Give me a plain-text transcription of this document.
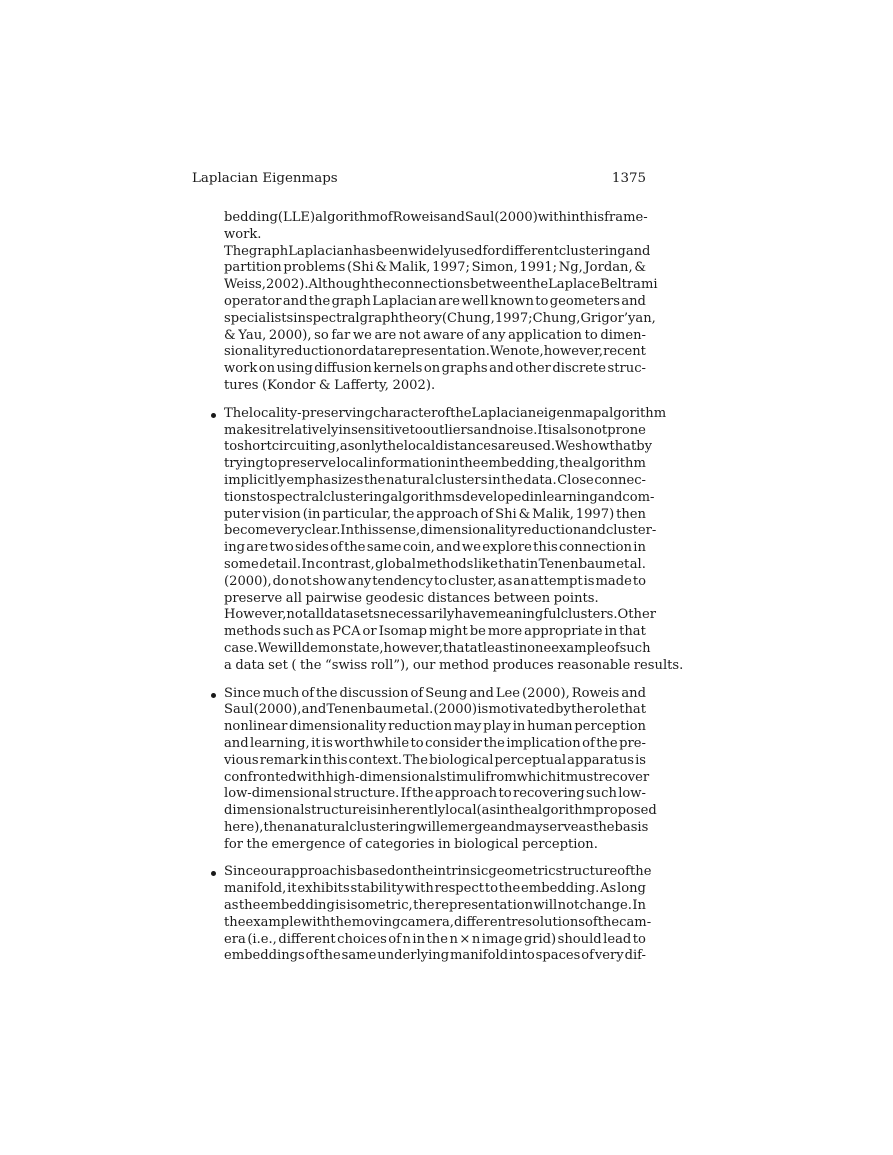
Laplacian Eigenmaps	1375
bedding (LLE) algorithm of Roweis and Saul (2000) within this frame-
work.
The graph Laplacian has been widely used for different clustering and
partition problems (Shi & Malik, 1997; Simon, 1991; Ng, Jordan, &
Weiss, 2002). Although the connections between the Laplace Beltrami
operator and the graph Laplacian are well known to geometers and
specialists in spectral graph theory (Chung, 1997; Chung, Grigor’yan,
& Yau, 2000), so far we are not aware of any application to dimen-
sionality reduction or data representation. We note, however, recent
work on using diffusion kernels on graphs and other discrete struc-
tures (Kondor & Lafferty, 2002).
The locality-preserving character of the Laplacian eigenmap algorithm
makes it relatively insensitive to outliers and noise. It is also not prone
to short circuiting, as only the local distances are used. We show that by
trying to preserve local information in the embedding, the algorithm
implicitly emphasizes the natural clusters in the data. Close connec-
tions to spectral clustering algorithms developed in learning and com-
puter vision (in particular, the approach of Shi & Malik, 1997) then
become very clear. In this sense, dimensionality reduction and cluster-
ing are two sides of the same coin, and we explore this connection in
some detail. In contrast, global methods like that in Tenenbaum et al.
(2000), do not show any tendency to cluster, as an attempt is made to
preserve all pairwise geodesic distances between points.
However, not all data sets necessarily have meaningful clusters. Other
methods such as PCA or Isomap might be more appropriate in that
case. We will demonstate, however, that at least in one example of such
a data set ( the “swiss roll”), our method produces reasonable results.
Since much of the discussion of Seung and Lee (2000), Roweis and
Saul (2000), and Tenenbaum et al. (2000) is motivated by the role that
nonlinear dimensionality reduction may play in human perception
and learning, it is worthwhile to consider the implication of the pre-
vious remark in this context. The biological perceptual apparatus is
confronted with high-dimensional stimuli from which it must recover
low-dimensional structure. If the approach to recovering such low-
dimensional structure is inherently local (as in the algorithm proposed
here), then a natural clustering will emerge and may serve as the basis
for the emergence of categories in biological perception.
Since our approach is based on the intrinsic geometric structure of the
manifold, it exhibits stability with respect to the embedding. As long
as the embedding is isometric, the representation will not change. In
the example with the moving camera, different resolutions of the cam-
era (i.e., different choices of n in the n × n image grid) should lead to
embeddings of the same underlying manifold into spaces of very dif-
